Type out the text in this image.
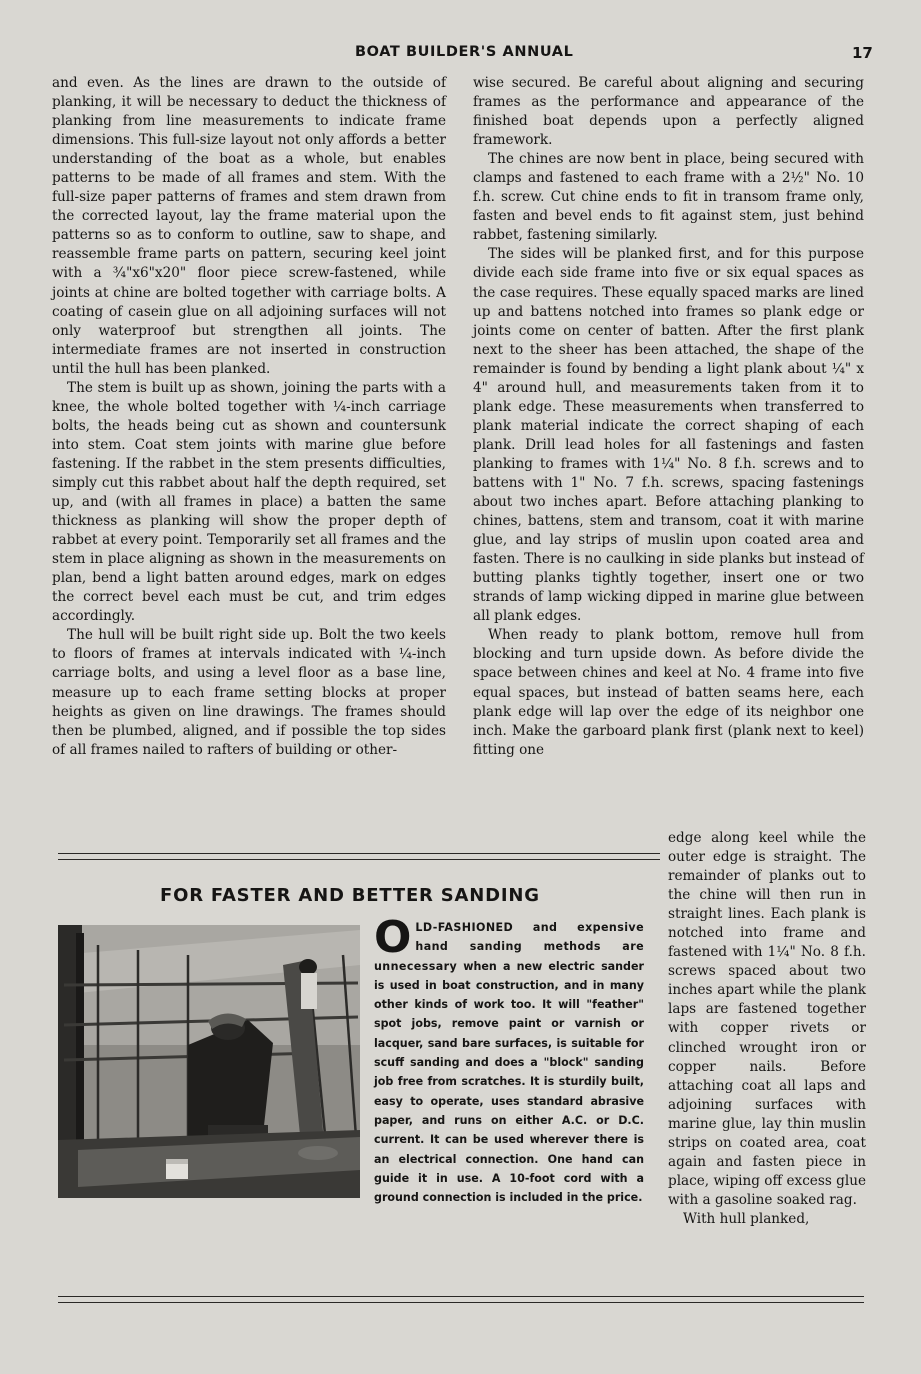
BOAT BUILDER'S ANNUAL	17

and even. As the lines are drawn to the outside of planking, it will be necessary to deduct the thickness of planking from line measurements to indicate frame dimensions. This full-size layout not only affords a better understanding of the boat as a whole, but enables patterns to be made of all frames and stem. With the full-size paper patterns of frames and stem drawn from the corrected layout, lay the frame material upon the patterns so as to conform to outline, saw to shape, and reassemble frame parts on pattern, securing keel joint with a ¾"x6"x20" floor piece screw-fastened, while joints at chine are bolted together with carriage bolts. A coating of casein glue on all adjoining surfaces will not only waterproof but strengthen all joints. The intermediate frames are not inserted in construction until the hull has been planked.

The stem is built up as shown, joining the parts with a knee, the whole bolted together with ¼-inch carriage bolts, the heads being cut as shown and countersunk into stem. Coat stem joints with marine glue before fastening. If the rabbet in the stem presents difficulties, simply cut this rabbet about half the depth required, set up, and (with all frames in place) a batten the same thickness as planking will show the proper depth of rabbet at every point. Temporarily set all frames and the stem in place aligning as shown in the measurements on plan, bend a light batten around edges, mark on edges the correct bevel each must be cut, and trim edges accordingly.

The hull will be built right side up. Bolt the two keels to floors of frames at intervals indicated with ¼-inch carriage bolts, and using a level floor as a base line, measure up to each frame setting blocks at proper heights as given on line drawings. The frames should then be plumbed, aligned, and if possible the top sides of all frames nailed to rafters of building or other-

wise secured. Be careful about aligning and securing frames as the performance and appearance of the finished boat depends upon a perfectly aligned framework.

The chines are now bent in place, being secured with clamps and fastened to each frame with a 2½" No. 10 f.h. screw. Cut chine ends to fit in transom frame only, fasten and bevel ends to fit against stem, just behind rabbet, fastening similarly.

The sides will be planked first, and for this purpose divide each side frame into five or six equal spaces as the case requires. These equally spaced marks are lined up and battens notched into frames so plank edge or joints come on center of batten. After the first plank next to the sheer has been attached, the shape of the remainder is found by bending a light plank about ¼" x 4" around hull, and measurements taken from it to plank edge. These measurements when transferred to plank material indicate the correct shaping of each plank. Drill lead holes for all fastenings and fasten planking to frames with 1¼" No. 8 f.h. screws and to battens with 1" No. 7 f.h. screws, spacing fastenings about two inches apart. Before attaching planking to chines, battens, stem and transom, coat it with marine glue, and lay strips of muslin upon coated area and fasten. There is no caulking in side planks but instead of butting planks tightly together, insert one or two strands of lamp wicking dipped in marine glue between all plank edges.

When ready to plank bottom, remove hull from blocking and turn upside down. As before divide the space between chines and keel at No. 4 frame into five equal spaces, but instead of batten seams here, each plank edge will lap over the edge of its neighbor one inch. Make the garboard plank first (plank next to keel) fitting one

edge along keel while the outer edge is straight. The remainder of planks out to the chine will then run in straight lines. Each plank is notched into frame and fastened with 1¼" No. 8 f.h. screws spaced about two inches apart while the plank laps are fastened together with copper rivets or clinched wrought iron or copper nails. Before attaching coat all laps and adjoining surfaces with marine glue, lay thin muslin strips on coated area, coat again and fasten piece in place, wiping off excess glue with a gasoline soaked rag.

With hull planked,

FOR FASTER AND BETTER SANDING
OLD-FASHIONED and expensive hand sanding methods are unnecessary when a new electric sander is used in boat construction, and in many other kinds of work too. It will "feather" spot jobs, remove paint or varnish or lacquer, sand bare surfaces, is suitable for scuff sanding and does a "block" sanding job free from scratches. It is sturdily built, easy to operate, uses standard abrasive paper, and runs on either A.C. or D.C. current. It can be used wherever there is an electrical connection. One hand can guide it in use. A 10-foot cord with a ground connection is included in the price.
